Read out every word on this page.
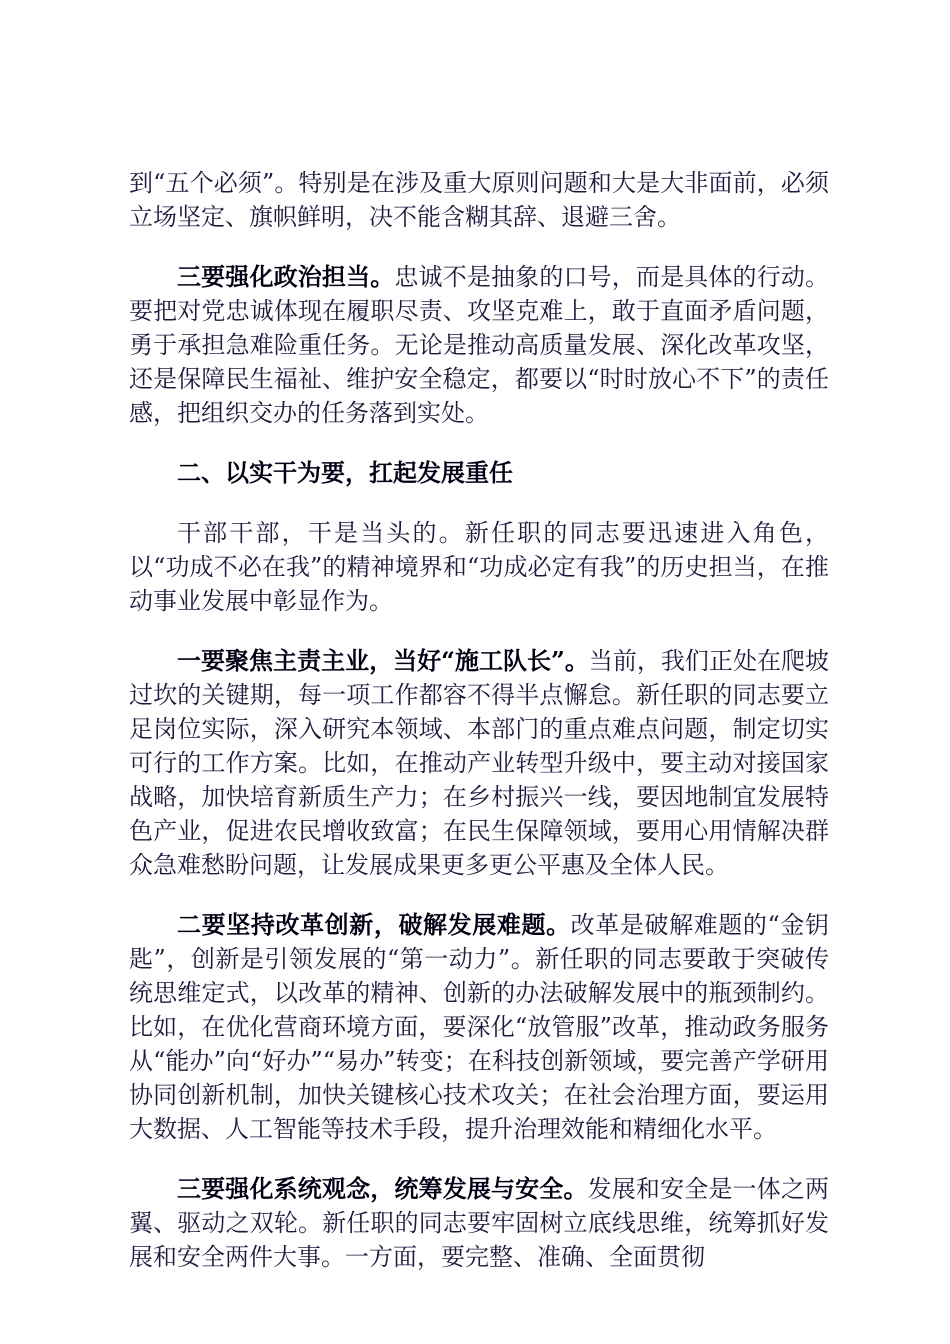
到“五个必须”。特别是在涉及重大原则问题和大是大非面前，必须立场坚定、旗帜鲜明，决不能含糊其辞、退避三舍。

三要强化政治担当。忠诚不是抽象的口号，而是具体的行动。要把对党忠诚体现在履职尽责、攻坚克难上，敢于直面矛盾问题，勇于承担急难险重任务。无论是推动高质量发展、深化改革攻坚，还是保障民生福祉、维护安全稳定，都要以“时时放心不下”的责任感，把组织交办的任务落到实处。

二、以实干为要，扛起发展重任

干部干部，干是当头的。新任职的同志要迅速进入角色，以“功成不必在我”的精神境界和“功成必定有我”的历史担当，在推动事业发展中彰显作为。

一要聚焦主责主业，当好“施工队长”。当前，我们正处在爬坡过坎的关键期，每一项工作都容不得半点懈怠。新任职的同志要立足岗位实际，深入研究本领域、本部门的重点难点问题，制定切实可行的工作方案。比如，在推动产业转型升级中，要主动对接国家战略，加快培育新质生产力；在乡村振兴一线，要因地制宜发展特色产业，促进农民增收致富；在民生保障领域，要用心用情解决群众急难愁盼问题，让发展成果更多更公平惠及全体人民。

二要坚持改革创新，破解发展难题。改革是破解难题的“金钥匙”，创新是引领发展的“第一动力”。新任职的同志要敢于突破传统思维定式，以改革的精神、创新的办法破解发展中的瓶颈制约。比如，在优化营商环境方面，要深化“放管服”改革，推动政务服务从“能办”向“好办”“易办”转变；在科技创新领域，要完善产学研用协同创新机制，加快关键核心技术攻关；在社会治理方面，要运用大数据、人工智能等技术手段，提升治理效能和精细化水平。

三要强化系统观念，统筹发展与安全。发展和安全是一体之两翼、驱动之双轮。新任职的同志要牢固树立底线思维，统筹抓好发展和安全两件大事。一方面，要完整、准确、全面贯彻
